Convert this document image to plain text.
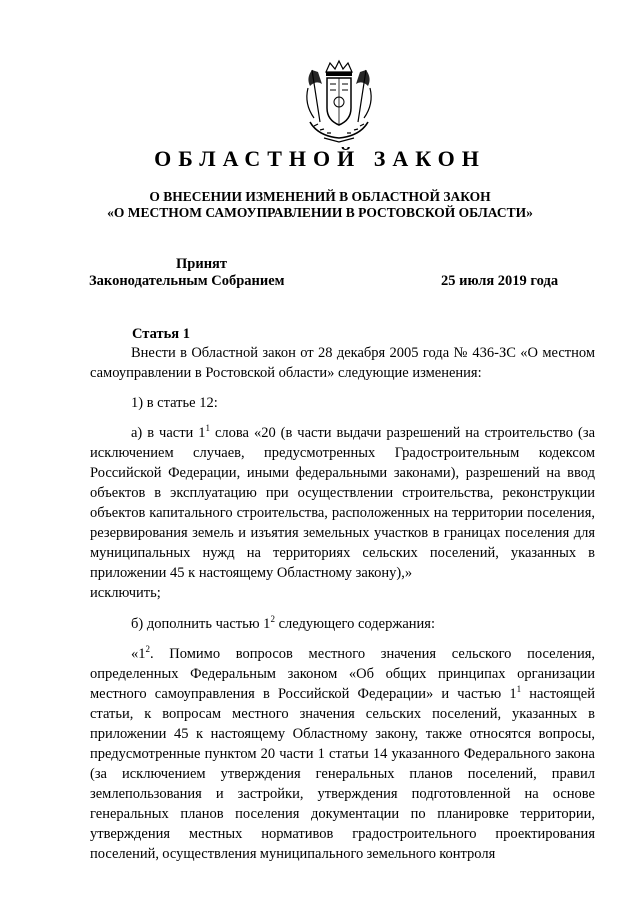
ОБЛАСТНОЙ ЗАКОН
О ВНЕСЕНИИ ИЗМЕНЕНИЙ В ОБЛАСТНОЙ ЗАКОН
«О МЕСТНОМ САМОУПРАВЛЕНИИ В РОСТОВСКОЙ ОБЛАСТИ»
Принят
Законодательным Собранием	25 июля 2019 года
Статья 1

Внести в Областной закон от 28 декабря 2005 года № 436-ЗС «О местном самоуправлении в Ростовской области» следующие изменения:

1) в статье 12:

а) в части $1^1$ слова «20 (в части выдачи разрешений на строительство (за исключением случаев, предусмотренных Градостроительным кодексом Российской Федерации, иными федеральными законами), разрешений на ввод объектов в эксплуатацию при осуществлении строительства, реконструкции объектов капитального строительства, расположенных на территории поселения, резервирования земель и изъятия земельных участков в границах поселения для муниципальных нужд на территориях сельских поселений, указанных в приложении 45 к настоящему Областному закону),»
исключить;

б) дополнить частью $1^2$ следующего содержания:

«$1^2$. Помимо вопросов местного значения сельского поселения, определенных Федеральным законом «Об общих принципах организации местного самоуправления в Российской Федерации» и частью $1^1$ настоящей статьи, к вопросам местного значения сельских поселений, указанных в приложении 45 к настоящему Областному закону, также относятся вопросы, предусмотренные пунктом 20 части 1 статьи 14 указанного Федерального закона (за исключением утверждения генеральных планов поселений, правил землепользования и застройки, утверждения подготовленной на основе генеральных планов поселения документации по планировке территории, утверждения местных нормативов градостроительного проектирования поселений, осуществления муниципального земельного контроля
